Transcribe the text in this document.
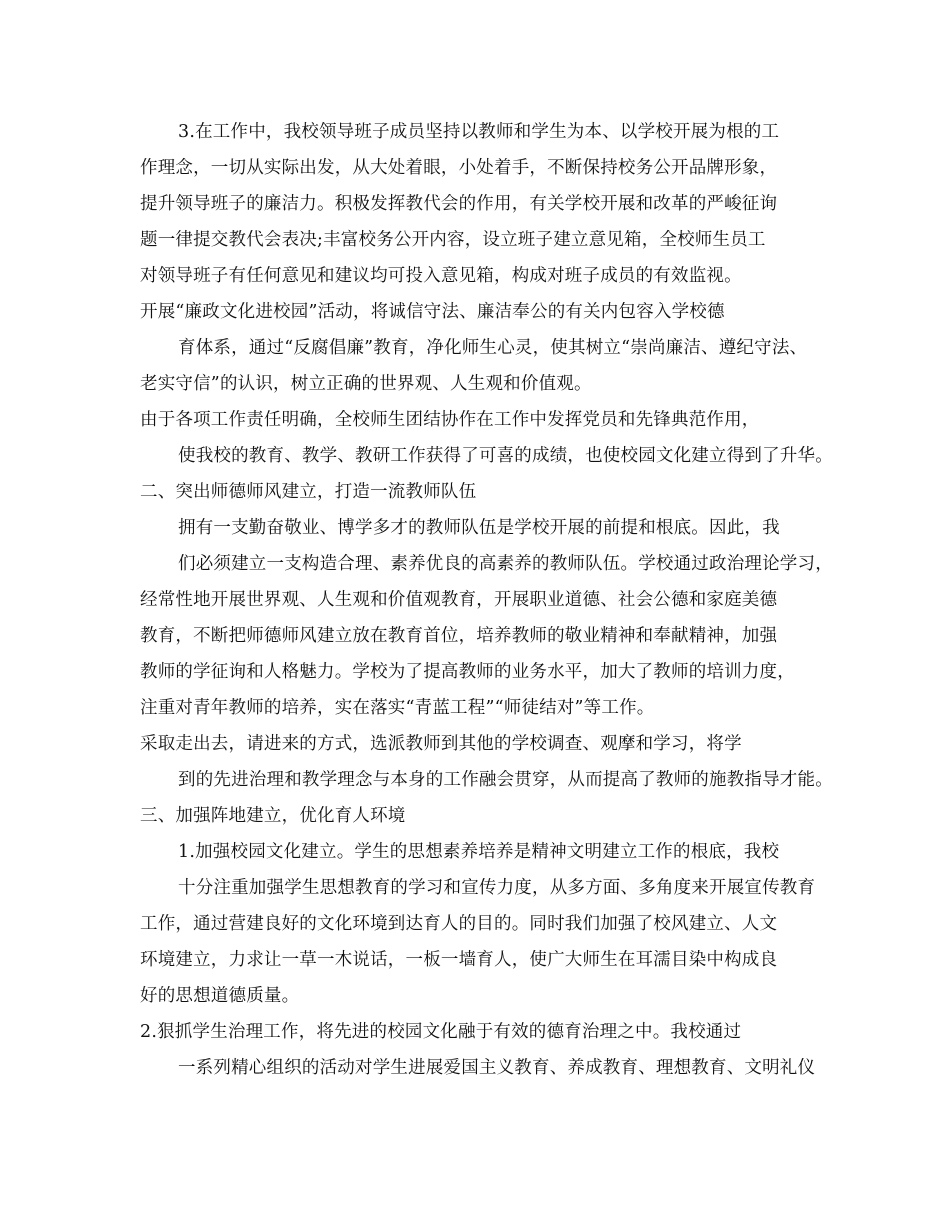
3.在工作中，我校领导班子成员坚持以教师和学生为本、以学校开展为根的工
作理念，一切从实际出发，从大处着眼，小处着手，不断保持校务公开品牌形象，
提升领导班子的廉洁力。积极发挥教代会的作用，有关学校开展和改革的严峻征询
题一律提交教代会表决;丰富校务公开内容，设立班子建立意见箱，全校师生员工
对领导班子有任何意见和建议均可投入意见箱，构成对班子成员的有效监视。
开展“廉政文化进校园”活动，将诚信守法、廉洁奉公的有关内包容入学校德
育体系，通过“反腐倡廉”教育，净化师生心灵，使其树立“崇尚廉洁、遵纪守法、
老实守信”的认识，树立正确的世界观、人生观和价值观。
由于各项工作责任明确，全校师生团结协作在工作中发挥党员和先锋典范作用，
使我校的教育、教学、教研工作获得了可喜的成绩，也使校园文化建立得到了升华。
二、突出师德师风建立，打造一流教师队伍
拥有一支勤奋敬业、博学多才的教师队伍是学校开展的前提和根底。因此，我
们必须建立一支构造合理、素养优良的高素养的教师队伍。学校通过政治理论学习，
经常性地开展世界观、人生观和价值观教育，开展职业道德、社会公德和家庭美德
教育，不断把师德师风建立放在教育首位，培养教师的敬业精神和奉献精神，加强
教师的学征询和人格魅力。学校为了提高教师的业务水平，加大了教师的培训力度，
注重对青年教师的培养，实在落实“青蓝工程”“师徒结对”等工作。
采取走出去，请进来的方式，选派教师到其他的学校调查、观摩和学习，将学
到的先进治理和教学理念与本身的工作融会贯穿，从而提高了教师的施教指导才能。
三、加强阵地建立，优化育人环境
1.加强校园文化建立。学生的思想素养培养是精神文明建立工作的根底，我校
十分注重加强学生思想教育的学习和宣传力度，从多方面、多角度来开展宣传教育
工作，通过营建良好的文化环境到达育人的目的。同时我们加强了校风建立、人文
环境建立，力求让一草一木说话，一板一墙育人，使广大师生在耳濡目染中构成良
好的思想道德质量。
2.狠抓学生治理工作，将先进的校园文化融于有效的德育治理之中。我校通过
一系列精心组织的活动对学生进展爱国主义教育、养成教育、理想教育、文明礼仪
